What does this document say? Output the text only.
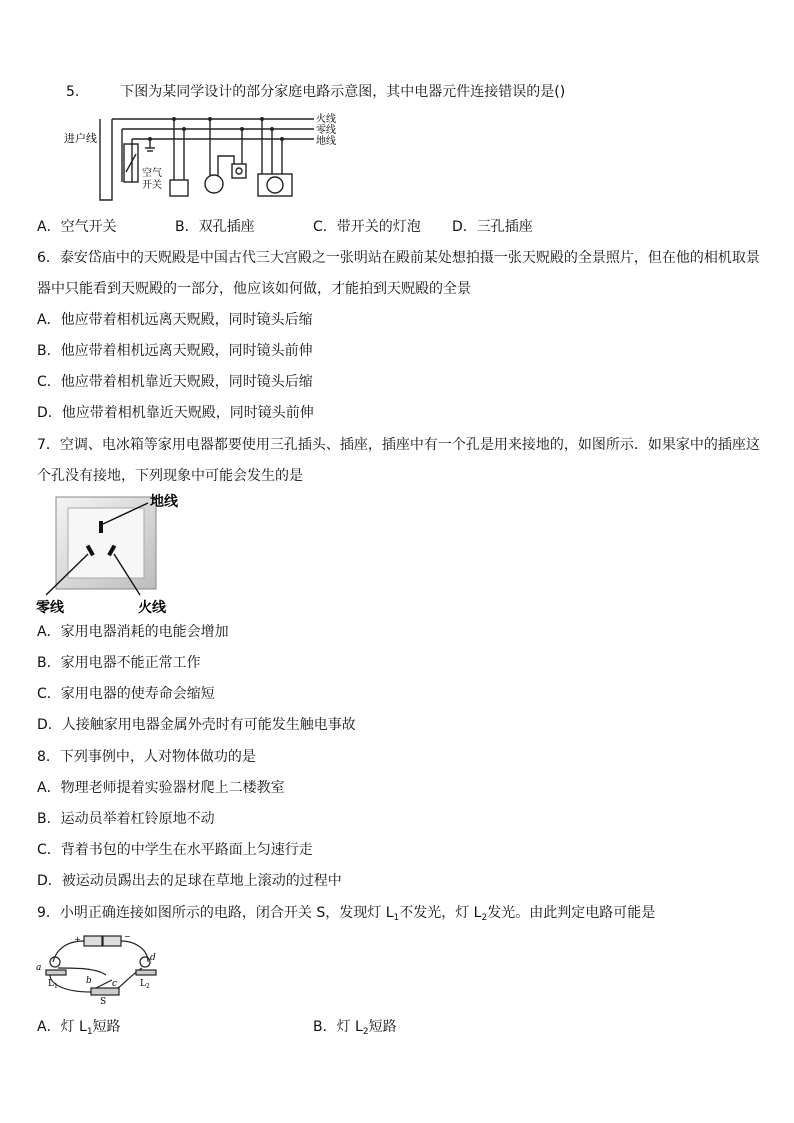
5.	下图为某同学设计的部分家庭电路示意图，其中电器元件连接错误的是()
进户线
火线
零线
地线
空气
开关
A．空气开关	B．双孔插座	C．带开关的灯泡 D．三孔插座
6．泰安岱庙中的天贶殿是中国古代三大宫殿之一张明站在殿前某处想拍摄一张天贶殿的全景照片，但在他的相机取景
器中只能看到天贶殿的一部分，他应该如何做，才能拍到天贶殿的全景
A．他应带着相机远离天贶殿，同时镜头后缩
B．他应带着相机远离天贶殿，同时镜头前伸
C．他应带着相机靠近天贶殿，同时镜头后缩
D．他应带着相机靠近天贶殿，同时镜头前伸
7．空调、电冰箱等家用电器都要使用三孔插头、插座，插座中有一个孔是用来接地的，如图所示．如果家中的插座这
个孔没有接地，下列现象中可能会发生的是
地线
零线	火线
A．家用电器消耗的电能会增加
B．家用电器不能正常工作
C．家用电器的使寿命会缩短
D．人接触家用电器金属外壳时有可能发生触电事故
8．下列事例中，人对物体做功的是
A．物理老师提着实验器材爬上二楼教室
B．运动员举着杠铃原地不动
C．背着书包的中学生在水平路面上匀速行走
D．被运动员踢出去的足球在草地上滚动的过程中
9．小明正确连接如图所示的电路，闭合开关 S，发现灯 $L_1$不发光，灯 $L_2$发光。由此判定电路可能是
+	−
a
b c
d
$L_1$	$L_2$
S
A．灯 $L_1$短路	B．灯 $L_2$短路
